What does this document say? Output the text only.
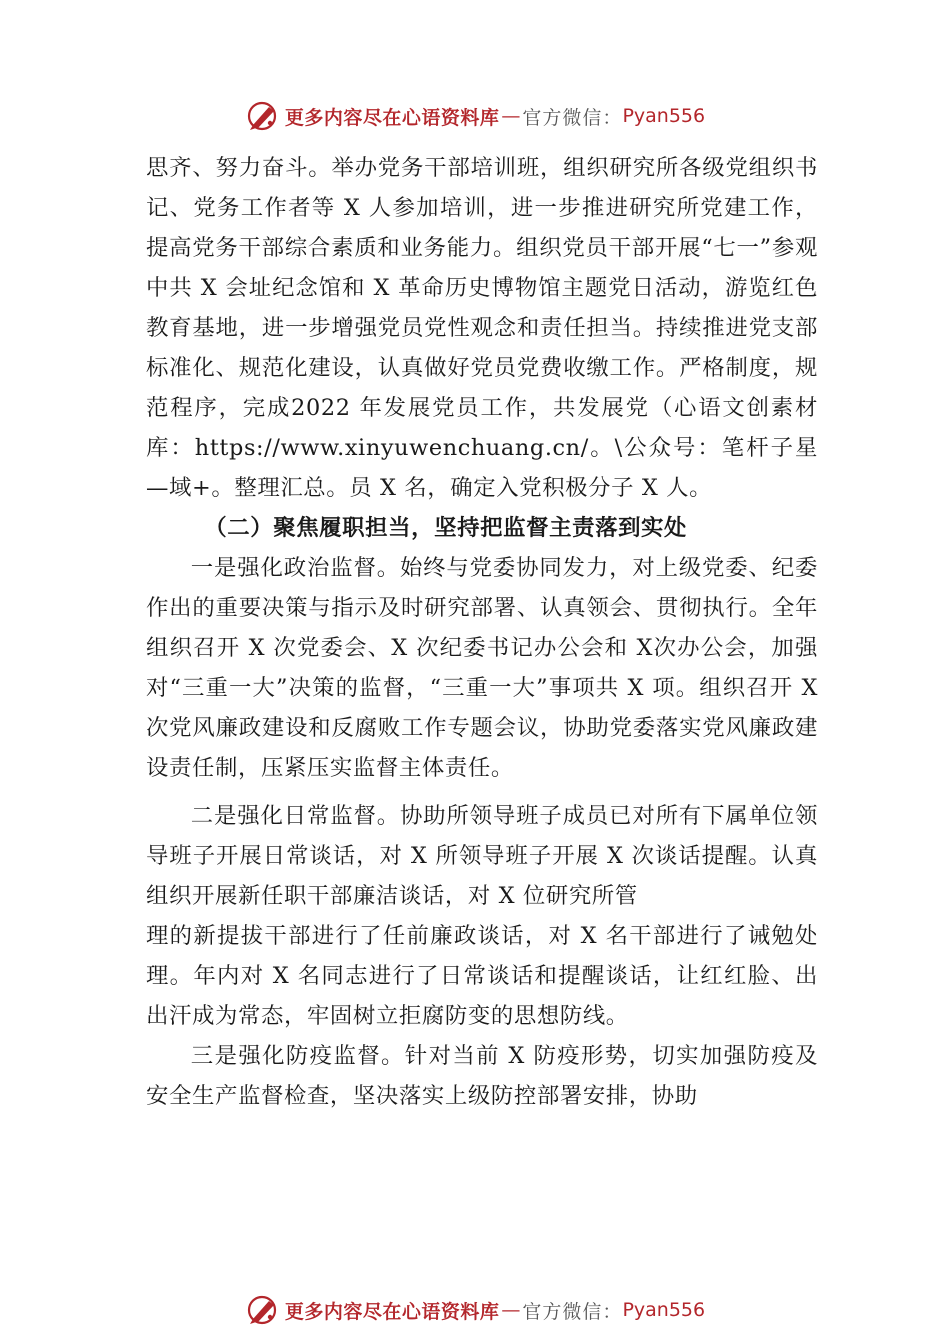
更多内容尽在心语资料库 — 官方微信： Pyan556

思齐、努力奋斗。举办党务干部培训班，组织研究所各级党组织书记、党务工作者等 X 人参加培训，进一步推进研究所党建工作，提高党务干部综合素质和业务能力。组织党员干部开展“七一”参观中共 X 会址纪念馆和 X 革命历史博物馆主题党日活动，游览红色教育基地，进一步增强党员党性观念和责任担当。持续推进党支部标准化、规范化建设，认真做好党员党费收缴工作。严格制度，规范程序，完成2022 年发展党员工作，共发展党（心语文创素材库：https://www.xinyuwenchuang.cn/。\公众号：笔杆子星—域+。整理汇总。员 X 名，确定入党积极分子 X 人。

（二）聚焦履职担当，坚持把监督主责落到实处

一是强化政治监督。始终与党委协同发力，对上级党委、纪委作出的重要决策与指示及时研究部署、认真领会、贯彻执行。全年组织召开 X 次党委会、X 次纪委书记办公会和 X次办公会，加强对“三重一大”决策的监督，“三重一大”事项共 X 项。组织召开 X 次党风廉政建设和反腐败工作专题会议，协助党委落实党风廉政建设责任制，压紧压实监督主体责任。

二是强化日常监督。协助所领导班子成员已对所有下属单位领导班子开展日常谈话，对 X 所领导班子开展 X 次谈话提醒。认真组织开展新任职干部廉洁谈话，对 X 位研究所管

理的新提拔干部进行了任前廉政谈话，对 X 名干部进行了诫勉处理。年内对 X 名同志进行了日常谈话和提醒谈话，让红红脸、出出汗成为常态，牢固树立拒腐防变的思想防线。

三是强化防疫监督。针对当前 X 防疫形势，切实加强防疫及安全生产监督检查，坚决落实上级防控部署安排，协助

更多内容尽在心语资料库 — 官方微信： Pyan556
